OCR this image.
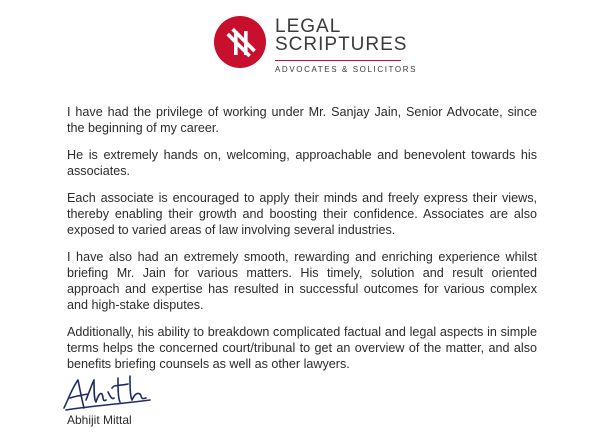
LEGAL
SCRIPTURES
ADVOCATES & SOLICITORS

I have had the privilege of working under Mr. Sanjay Jain, Senior Advocate, since the beginning of my career.

He is extremely hands on, welcoming, approachable and benevolent towards his associates.

Each associate is encouraged to apply their minds and freely express their views, thereby enabling their growth and boosting their confidence. Associates are also exposed to varied areas of law involving several industries.

I have also had an extremely smooth, rewarding and enriching experience whilst briefing Mr. Jain for various matters. His timely, solution and result oriented approach and expertise has resulted in successful outcomes for various complex and high-stake disputes.

Additionally, his ability to breakdown complicated factual and legal aspects in simple terms helps the concerned court/tribunal to get an overview of the matter, and also benefits briefing counsels as well as other lawyers.

Abhijit Mittal
